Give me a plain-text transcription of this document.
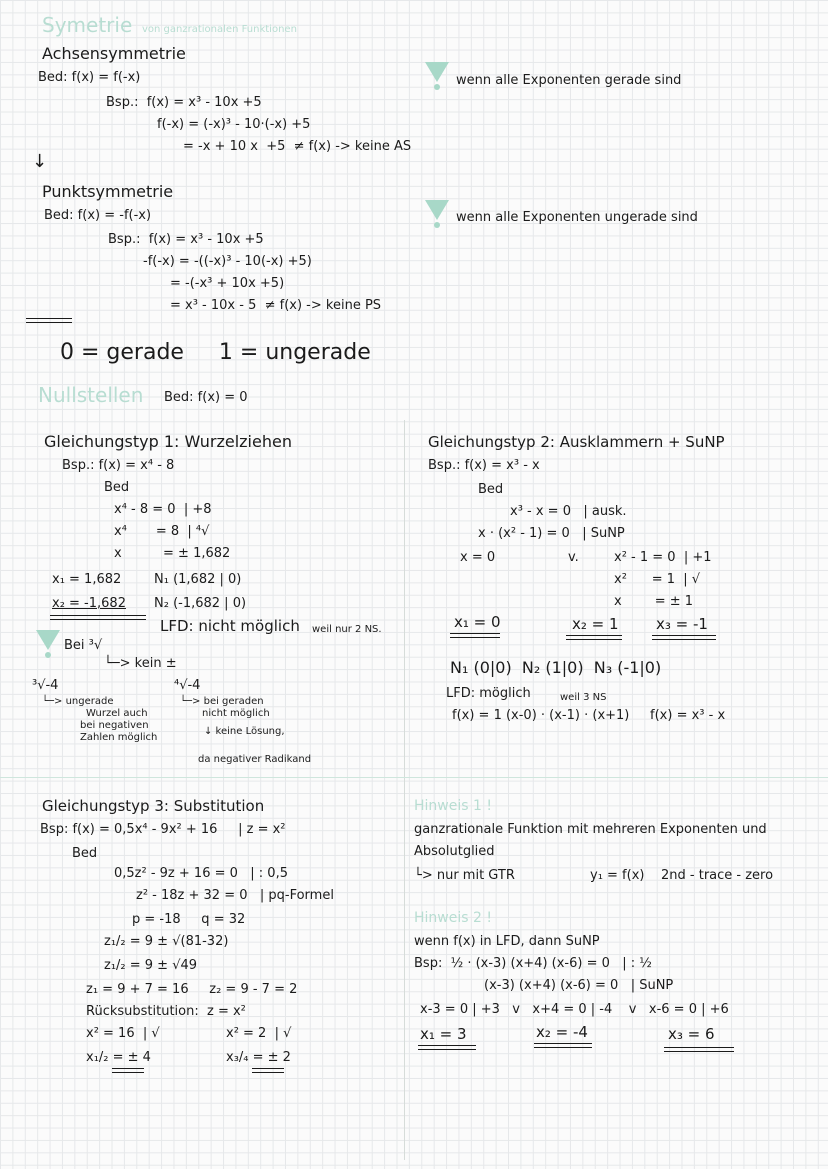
Symetrie von ganzrationalen Funktionen
Achsensymmetrie
Bed: f(x) = f(-x)
Bsp.:  f(x) = x³ - 10x +5
f(-x) = (-x)³ - 10·(-x) +5
= -x + 10 x  +5  ≠ f(x) -> keine AS
wenn alle Exponenten gerade sind
↓
Punktsymmetrie
Bed: f(x) = -f(-x)
Bsp.:  f(x) = x³ - 10x +5
-f(-x) = -((-x)³ - 10(-x) +5)
= -(-x³ + 10x +5)
= x³ - 10x - 5  ≠ f(x) -> keine PS
wenn alle Exponenten ungerade sind
0 = gerade     1 = ungerade
Nullstellen Bed: f(x) = 0
Gleichungstyp 1: Wurzelziehen
Bsp.: f(x) = x⁴ - 8
Bed
x⁴ - 8 = 0  | +8
x⁴       = 8  | ⁴√
x          = ± 1,682
x₁ = 1,682	N₁ (1,682 | 0)
x₂ = -1,682 N₂ (-1,682 | 0)
LFD: nicht möglich weil nur 2 NS.
Bei ³√
└─> kein ±
³√-4	⁴√-4
└─> ungerade
Wurzel auch
bei negativen
Zahlen möglich
└─> bei geraden
nicht möglich
↓ keine Lösung,
da negativer Radikand
Gleichungstyp 2: Ausklammern + SuNP
Bsp.: f(x) = x³ - x
Bed
x³ - x = 0   | ausk.
x · (x² - 1) = 0   | SuNP
x = 0	v.	x² - 1 = 0  | +1
x²      = 1  | √
x        = ± 1
x₁ = 0	x₂ = 1 x₃ = -1
N₁ (0|0)  N₂ (1|0)  N₃ (-1|0)
LFD: möglich	weil 3 NS
f(x) = 1 (x-0) · (x-1) · (x+1)     f(x) = x³ - x
Gleichungstyp 3: Substitution
Bsp: f(x) = 0,5x⁴ - 9x² + 16     | z = x²
Bed
0,5z² - 9z + 16 = 0   | : 0,5
z² - 18z + 32 = 0   | pq-Formel
p = -18     q = 32
z₁/₂ = 9 ± √(81-32)
z₁/₂ = 9 ± √49
z₁ = 9 + 7 = 16     z₂ = 9 - 7 = 2
Rücksubstitution:  z = x²
x² = 16  | √	x² = 2  | √
x₁/₂ = ± 4	x₃/₄ = ± 2
Hinweis 1 !
ganzrationale Funktion mit mehreren Exponenten und
Absolutglied
└> nur mit GTR	y₁ = f(x)    2nd - trace - zero
Hinweis 2 !
wenn f(x) in LFD, dann SuNP
Bsp:  ½ · (x-3) (x+4) (x-6) = 0   | : ½
(x-3) (x+4) (x-6) = 0   | SuNP
x-3 = 0 | +3   v   x+4 = 0 | -4    v   x-6 = 0 | +6
x₁ = 3	x₂ = -4	x₃ = 6
